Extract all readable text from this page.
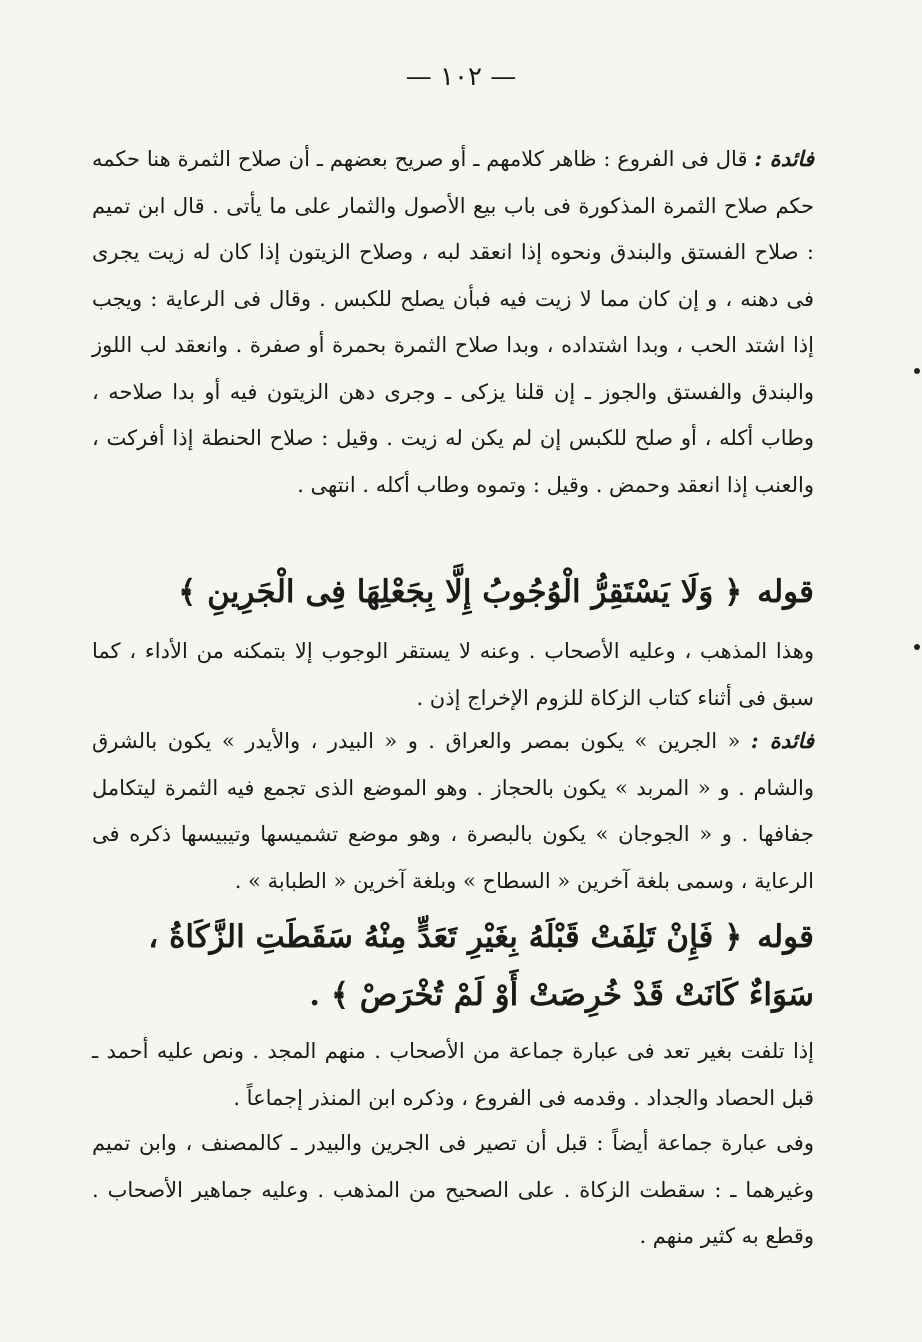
— ١٠٢ —

فائدة : قال فى الفروع : ظاهر كلامهم ـ أو صريح بعضهم ـ أن صلاح الثمرة هنا حكمه حكم صلاح الثمرة المذكورة فى باب بيع الأصول والثمار على ما يأتى . قال ابن تميم : صلاح الفستق والبندق ونحوه إذا انعقد لبه ، وصلاح الزيتون إذا كان له زيت يجرى فى دهنه ، و إن كان مما لا زيت فيه فبأن يصلح للكبس . وقال فى الرعاية : ويجب إذا اشتد الحب ، وبدا اشتداده ، وبدا صلاح الثمرة بحمرة أو صفرة . وانعقد لب اللوز والبندق والفستق والجوز ـ إن قلنا يزكى ـ وجرى دهن الزيتون فيه أو بدا صلاحه ، وطاب أكله ، أو صلح للكبس إن لم يكن له زيت . وقيل : صلاح الحنطة إذا أفركت ، والعنب إذا انعقد وحمض . وقيل : وتموه وطاب أكله . انتهى .

قوله ﴿ وَلَا يَسْتَقِرُّ الْوُجُوبُ إِلَّا بِجَعْلِهَا فِى الْجَرِينِ ﴾

وهذا المذهب ، وعليه الأصحاب . وعنه لا يستقر الوجوب إلا بتمكنه من الأداء ، كما سبق فى أثناء كتاب الزكاة للزوم الإخراج إذن .

فائدة : « الجرين » يكون بمصر والعراق . و « البيدر ، والأيدر » يكون بالشرق والشام . و « المربد » يكون بالحجاز . وهو الموضع الذى تجمع فيه الثمرة ليتكامل جفافها . و « الجوجان » يكون بالبصرة ، وهو موضع تشميسها وتيبيسها ذكره فى الرعاية ، وسمى بلغة آخرين « السطاح » وبلغة آخرين « الطبابة » .

قوله ﴿ فَإِنْ تَلِفَتْ قَبْلَهُ بِغَيْرِ تَعَدٍّ مِنْهُ سَقَطَتِ الزَّكَاةُ ، سَوَاءٌ كَانَتْ قَدْ خُرِصَتْ أَوْ لَمْ تُخْرَصْ ﴾ .

إذا تلفت بغير تعد فى عبارة جماعة من الأصحاب . منهم المجد . ونص عليه أحمد ـ قبل الحصاد والجداد . وقدمه فى الفروع ، وذكره ابن المنذر إجماعاً .

وفى عبارة جماعة أيضاً : قبل أن تصير فى الجرين والبيدر ـ كالمصنف ، وابن تميم وغيرهما ـ : سقطت الزكاة . على الصحيح من المذهب . وعليه جماهير الأصحاب . وقطع به كثير منهم .
